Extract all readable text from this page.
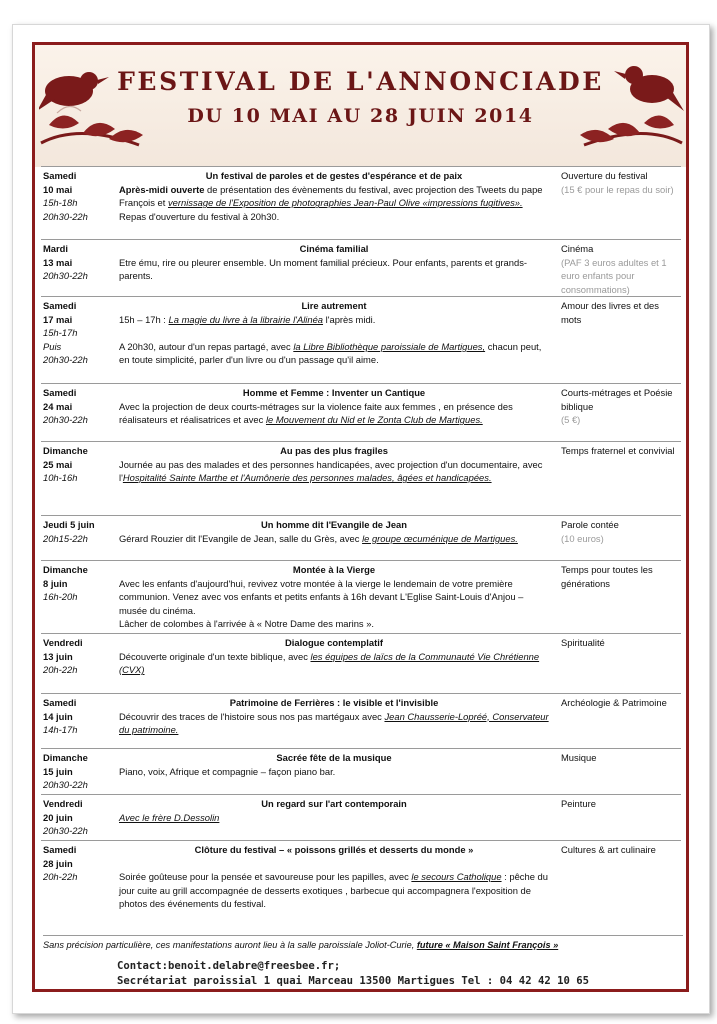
FESTIVAL DE L'ANNONCIADE
DU 10 MAI AU 28 JUIN 2014
Samedi
10 mai
15h-18h
20h30-22h
Un festival de paroles et de gestes d'espérance et de paix
Après-midi ouverte de présentation des évènements du festival, avec projection des Tweets du pape François et vernissage de l'Exposition de photographies Jean-Paul Olive «impressions fugitives».
Repas d'ouverture du festival à 20h30.
Ouverture du festival
(15 € pour le repas du soir)
Mardi
13 mai
20h30-22h
Cinéma familial
Etre ému, rire ou pleurer ensemble. Un moment familial précieux. Pour enfants, parents et grands-parents.
Cinéma
(PAF 3 euros adultes et 1 euro enfants pour consommations)
Samedi
17 mai
15h-17h
Puis
20h30-22h
Lire autrement
15h – 17h : La magie du livre à la librairie l'Alinéa l'après midi.

A 20h30, autour d'un repas partagé, avec la Libre Bibliothèque paroissiale de Martigues, chacun peut, en toute simplicité, parler d'un livre ou d'un passage qu'il aime.
Amour des livres et des mots
Samedi
24 mai
20h30-22h
Homme et Femme : Inventer un Cantique
Avec la projection de deux courts-métrages sur la violence faite aux femmes , en présence des réalisateurs et réalisatrices et avec le Mouvement du Nid et le Zonta Club de Martigues.
Courts-métrages et Poésie biblique
(5 €)
Dimanche
25 mai
10h-16h
Au pas des plus fragiles
Journée au pas des malades et des personnes handicapées, avec projection d'un documentaire, avec l'Hospitalité Sainte Marthe et l'Aumônerie des personnes malades, âgées et handicapées.
Temps fraternel et convivial
Jeudi 5 juin
20h15-22h
Un homme dit l'Evangile de Jean
Gérard Rouzier dit l'Evangile de Jean, salle du Grès, avec le groupe œcuménique de Martigues.
Parole contée
(10 euros)
Dimanche
8 juin
16h-20h
Montée à la Vierge
Avec les enfants d'aujourd'hui, revivez votre montée à la vierge le lendemain de votre première communion. Venez avec vos enfants et petits enfants à 16h devant L'Eglise Saint-Louis d'Anjou – musée du cinéma.
Lâcher de colombes à l'arrivée à « Notre Dame des marins ».
Temps pour toutes les générations
Vendredi
13 juin
20h-22h
Dialogue contemplatif
Découverte originale d'un texte biblique, avec les équipes de laïcs de la Communauté Vie Chrétienne (CVX)
Spiritualité
Samedi
14 juin
14h-17h
Patrimoine de Ferrières : le visible et l'invisible
Découvrir des traces de l'histoire sous nos pas martégaux avec Jean Chausserie-Lopréé, Conservateur du patrimoine.
Archéologie & Patrimoine
Dimanche
15 juin
20h30-22h
Sacrée fête de la musique
Piano, voix, Afrique et compagnie – façon piano bar.
Musique
Vendredi
20 juin
20h30-22h
Un regard sur l'art contemporain
Avec le frère D.Dessolin
Peinture
Samedi
28 juin
20h-22h
Clôture du festival – « poissons grillés et desserts du monde »

Soirée goûteuse pour la pensée et savoureuse pour les papilles, avec le secours Catholique : pêche du jour cuite au grill accompagnée de desserts exotiques , barbecue qui accompagnera l'exposition de photos des événements du festival.
Cultures & art culinaire
Sans précision particulière, ces manifestations auront lieu à la salle paroissiale Joliot-Curie, future « Maison Saint François »
Contact:benoit.delabre@freesbee.fr;
Secrétariat paroissial 1 quai Marceau 13500 Martigues Tel : 04 42 42 10 65
